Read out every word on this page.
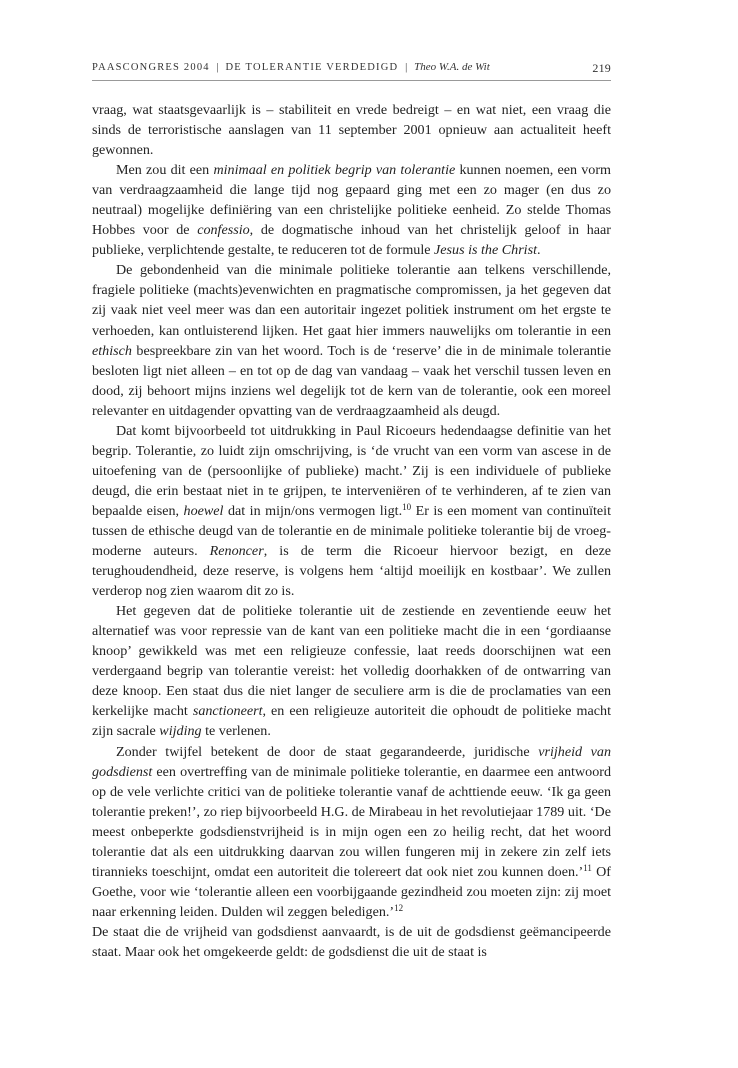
PAASCONGRES 2004 | DE TOLERANTIE VERDEDIGD | Theo W.A. de Wit	219

vraag, wat staatsgevaarlijk is – stabiliteit en vrede bedreigt – en wat niet, een vraag die sinds de terroristische aanslagen van 11 september 2001 opnieuw aan actualiteit heeft gewonnen.

Men zou dit een minimaal en politiek begrip van tolerantie kunnen noemen, een vorm van verdraagzaamheid die lange tijd nog gepaard ging met een zo mager (en dus zo neutraal) mogelijke definiëring van een christelijke politieke eenheid. Zo stelde Thomas Hobbes voor de confessio, de dogmatische inhoud van het christelijk geloof in haar publieke, verplichtende gestalte, te reduceren tot de formule Jesus is the Christ.

De gebondenheid van die minimale politieke tolerantie aan telkens verschillende, fragiele politieke (machts)evenwichten en pragmatische compromissen, ja het gegeven dat zij vaak niet veel meer was dan een autoritair ingezet politiek instrument om het ergste te verhoeden, kan ontluisterend lijken. Het gaat hier immers nauwelijks om tolerantie in een ethisch bespreekbare zin van het woord. Toch is de ‘reserve’ die in de minimale tolerantie besloten ligt niet alleen – en tot op de dag van vandaag – vaak het verschil tussen leven en dood, zij behoort mijns inziens wel degelijk tot de kern van de tolerantie, ook een moreel relevanter en uitdagender opvatting van de verdraagzaamheid als deugd.

Dat komt bijvoorbeeld tot uitdrukking in Paul Ricoeurs hedendaagse definitie van het begrip. Tolerantie, zo luidt zijn omschrijving, is ‘de vrucht van een vorm van ascese in de uitoefening van de (persoonlijke of publieke) macht.’ Zij is een individuele of publieke deugd, die erin bestaat niet in te grijpen, te interveniëren of te verhinderen, af te zien van bepaalde eisen, hoewel dat in mijn/ons vermogen ligt.$^{10}$ Er is een moment van continuïteit tussen de ethische deugd van de tolerantie en de minimale politieke tolerantie bij de vroeg-moderne auteurs. Renoncer, is de term die Ricoeur hiervoor bezigt, en deze terughoudendheid, deze reserve, is volgens hem ‘altijd moeilijk en kostbaar’. We zullen verderop nog zien waarom dit zo is.

Het gegeven dat de politieke tolerantie uit de zestiende en zeventiende eeuw het alternatief was voor repressie van de kant van een politieke macht die in een ‘gordiaanse knoop’ gewikkeld was met een religieuze confessie, laat reeds doorschijnen wat een verdergaand begrip van tolerantie vereist: het volledig doorhakken of de ontwarring van deze knoop. Een staat dus die niet langer de seculiere arm is die de proclamaties van een kerkelijke macht sanctioneert, en een religieuze autoriteit die ophoudt de politieke macht zijn sacrale wijding te verlenen.

Zonder twijfel betekent de door de staat gegarandeerde, juridische vrijheid van godsdienst een overtreffing van de minimale politieke tolerantie, en daarmee een antwoord op de vele verlichte critici van de politieke tolerantie vanaf de achttiende eeuw. ‘Ik ga geen tolerantie preken!’, zo riep bijvoorbeeld H.G. de Mirabeau in het revolutiejaar 1789 uit. ‘De meest onbeperkte godsdienstvrijheid is in mijn ogen een zo heilig recht, dat het woord tolerantie dat als een uitdrukking daarvan zou willen fungeren mij in zekere zin zelf iets tirannieks toeschijnt, omdat een autoriteit die tolereert dat ook niet zou kunnen doen.’$^{11}$ Of Goethe, voor wie ‘tolerantie alleen een voorbijgaande gezindheid zou moeten zijn: zij moet naar erkenning leiden. Dulden wil zeggen beledigen.’$^{12}$

De staat die de vrijheid van godsdienst aanvaardt, is de uit de godsdienst geëmancipeerde staat. Maar ook het omgekeerde geldt: de godsdienst die uit de staat is
